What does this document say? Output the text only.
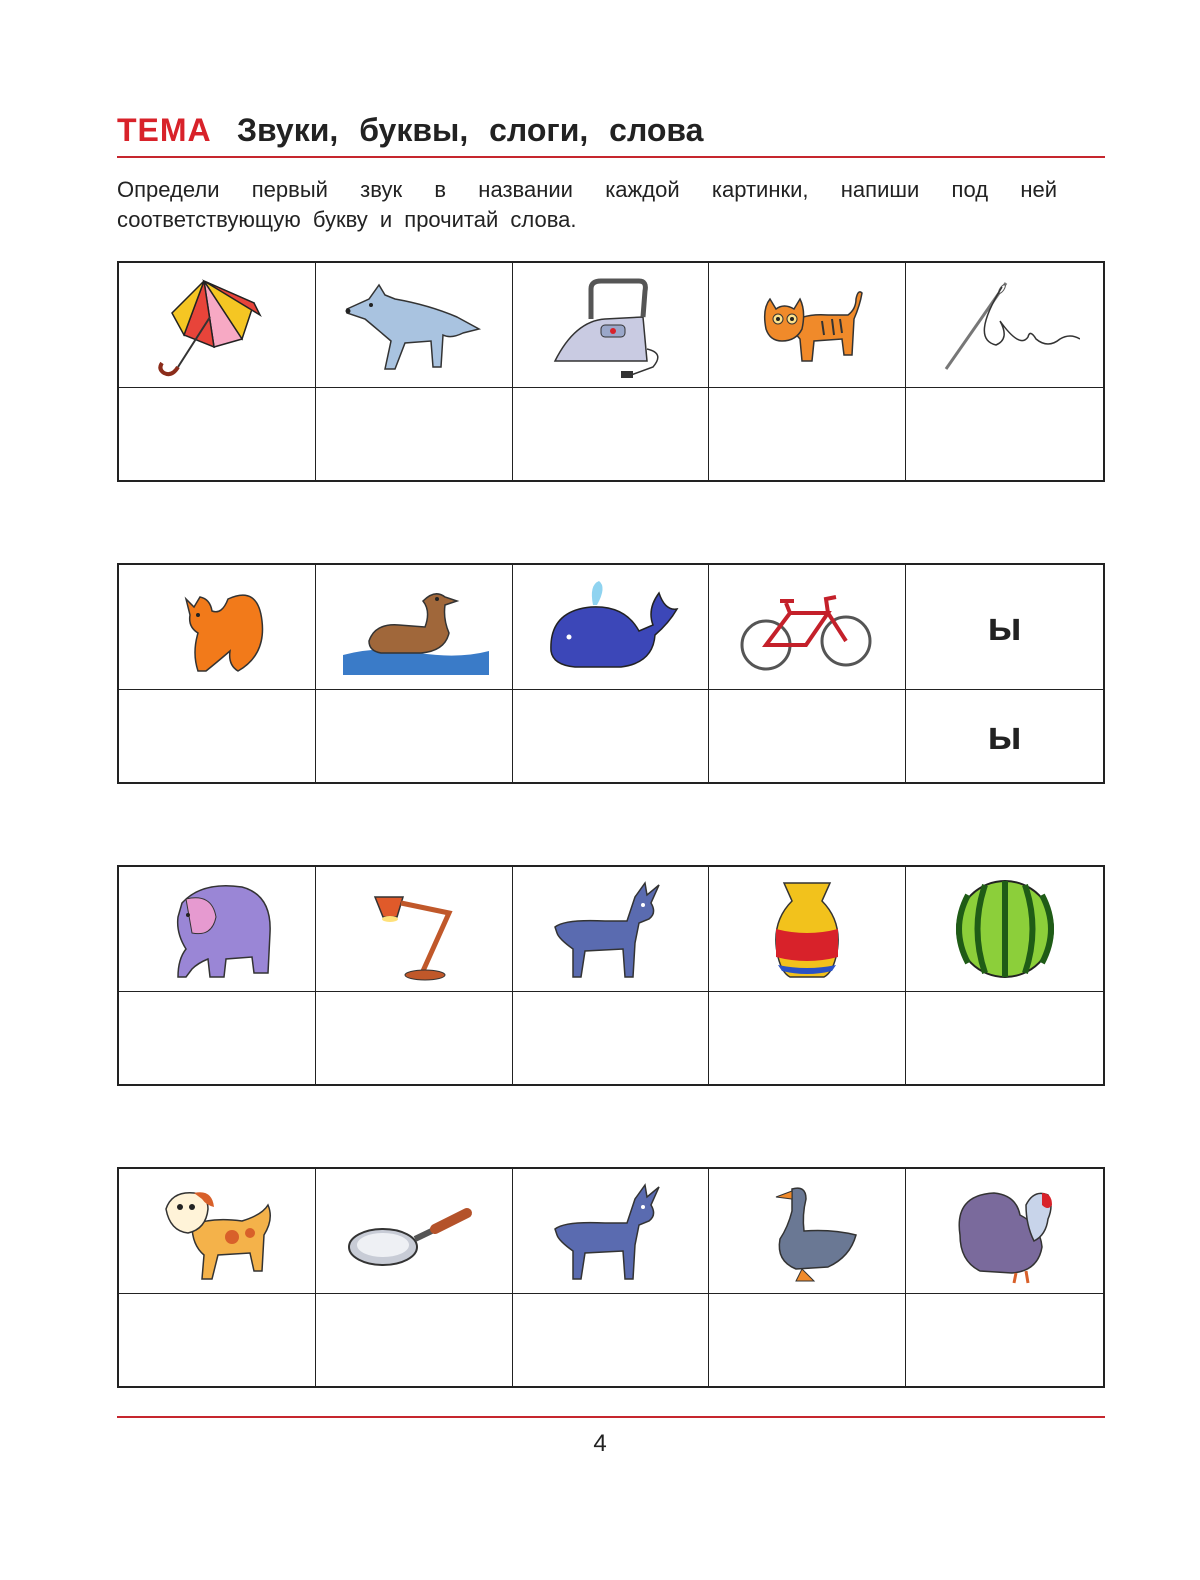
ТЕМА Звуки, буквы, слоги, слова
Определи первый звук в названии каждой картинки, напиши под ней соответствующую букву и прочитай слова.
ы
ы
4
